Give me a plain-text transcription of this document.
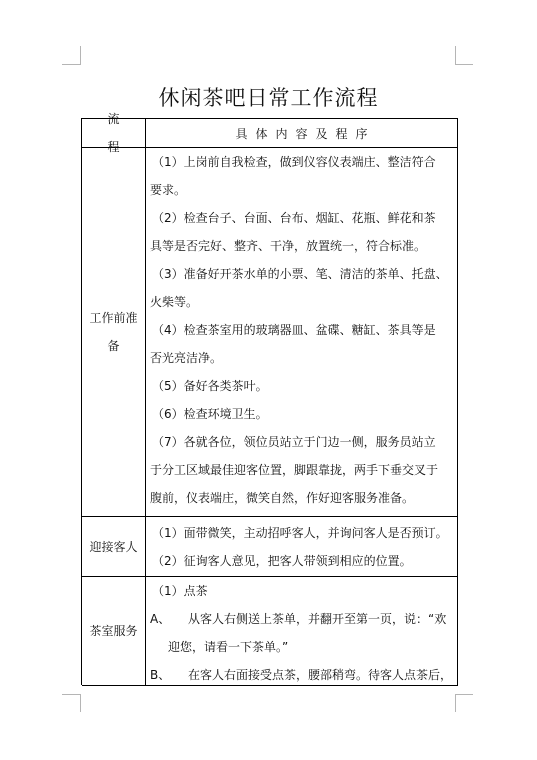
休闲茶吧日常工作流程
流程
具体内容及程序
工作前准
备
（1）上岗前自我检查，做到仪容仪表端庄、整洁符合
要求。
（2）检查台子、台面、台布、烟缸、花瓶、鲜花和茶
具等是否完好、整齐、干净，放置统一，符合标准。
（3）准备好开茶水单的小票、笔、清洁的茶单、托盘、
火柴等。
（4）检查茶室用的玻璃器皿、盆碟、糖缸、茶具等是
否光亮洁净。
（5）备好各类茶叶。
（6）检查环境卫生。
（7）各就各位，领位员站立于门边一侧，服务员站立
于分工区域最佳迎客位置，脚跟靠拢，两手下垂交叉于
腹前，仪表端庄，微笑自然，作好迎客服务准备。
迎接客人
（1）面带微笑，主动招呼客人，并询问客人是否预订。
（2）征询客人意见，把客人带领到相应的位置。
茶室服务
（1）点茶
A、 从客人右侧送上茶单，并翻开至第一页，说：“欢
迎您，请看一下茶单。”
B、 在客人右面接受点茶，腰部稍弯。待客人点茶后，
